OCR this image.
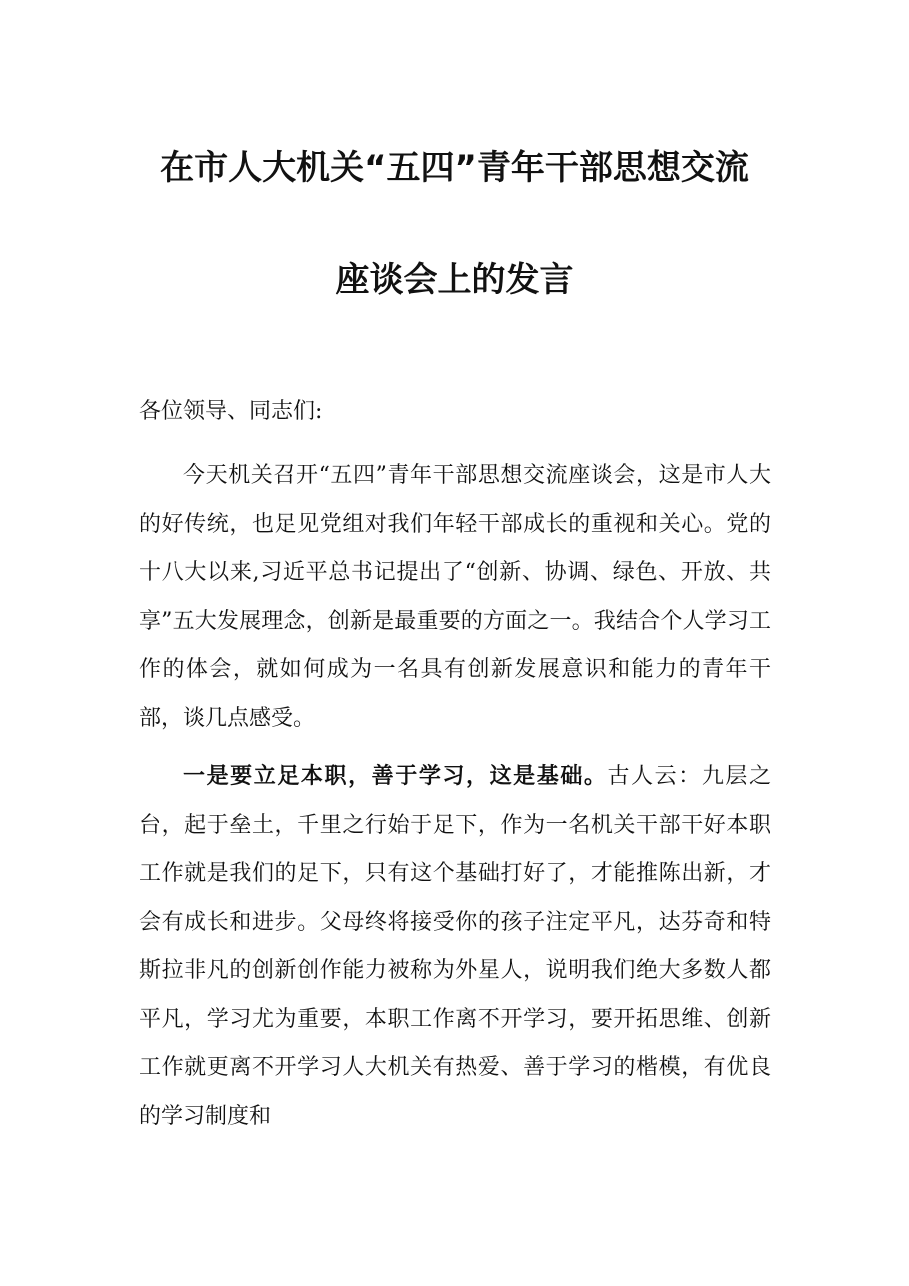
在市人大机关“五四”青年干部思想交流
座谈会上的发言
各位领导、同志们:
今天机关召开“五四”青年干部思想交流座谈会，这是市人大的好传统，也足见党组对我们年轻干部成长的重视和关心。党的十八大以来,习近平总书记提出了“创新、协调、绿色、开放、共享”五大发展理念，创新是最重要的方面之一。我结合个人学习工作的体会，就如何成为一名具有创新发展意识和能力的青年干部，谈几点感受。
一是要立足本职，善于学习，这是基础。古人云：九层之台，起于垒土，千里之行始于足下，作为一名机关干部干好本职工作就是我们的足下，只有这个基础打好了，才能推陈出新，才会有成长和进步。父母终将接受你的孩子注定平凡，达芬奇和特斯拉非凡的创新创作能力被称为外星人，说明我们绝大多数人都平凡，学习尤为重要，本职工作离不开学习，要开拓思维、创新工作就更离不开学习人大机关有热爱、善于学习的楷模，有优良的学习制度和
